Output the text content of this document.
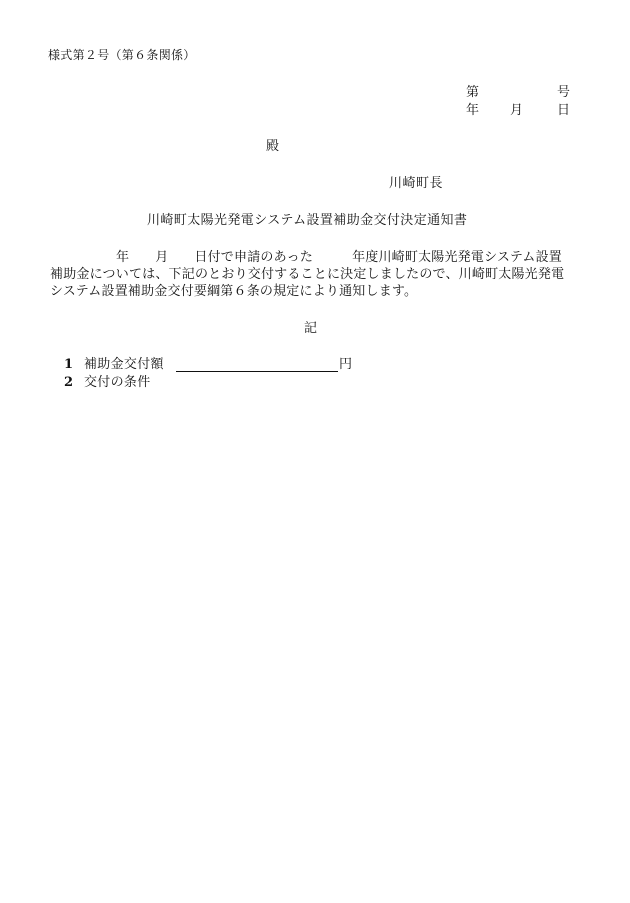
様式第２号（第６条関係）
第	号
年 月	日
殿
川崎町長
川崎町太陽光発電システム設置補助金交付決定通知書
年 月 日付で申請のあった	年度川崎町太陽光発電システム設置
補助金については、下記のとおり交付することに決定しましたので、川崎町太陽光発電
システム設置補助金交付要綱第６条の規定により通知します。
記
1 補助金交付額	円
2 交付の条件
